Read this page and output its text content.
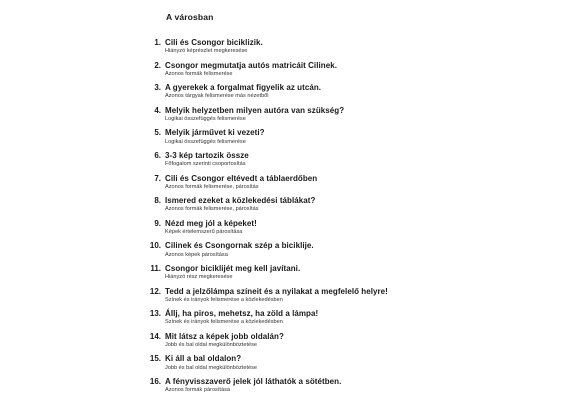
A városban
1. Cili és Csongor biciklizik.
Hiányzó képrészlet megkeresése
2. Csongor megmutatja autós matricáit Cilinek.
Azonos formák felismerése
3. A gyerekek a forgalmat figyelik az utcán.
Azonos tárgyak felismerése más nézetből
4. Melyik helyzetben milyen autóra van szükség?
Logikai összefüggés felismerése
5. Melyik járművet ki vezeti?
Logikai összefüggés felismerése
6. 3-3 kép tartozik össze
Főfogalom szerinti csoportosítás
7. Cili és Csongor eltévedt a táblaerdőben
Azonos formák felismerése, párosítás
8. Ismered ezeket a közlekedési táblákat?
Azonos formák felismerése, párosítás
9. Nézd meg jól a képeket!
Képek értelemszerű párosítása
10. Cilinek és Csongornak szép a biciklije.
Azonos képek párosítása
11. Csongor biciklijét meg kell javítani.
Hiányzó rész megkeresése
12. Tedd a jelzőlámpa színeit és a nyilakat a megfelelő helyre!
Színek és irányok felismerése a közlekedésben
13. Állj, ha piros, mehetsz, ha zöld a lámpa!
Színek és irányok felismerése a közlekedésben
14. Mit látsz a képek jobb oldalán?
Jobb és bal oldal megkülönböztetése
15. Ki áll a bal oldalon?
Jobb és bal oldal megkülönböztetése
16. A fényvisszaverő jelek jól láthatók a sötétben.
Azonos formák párosítása
